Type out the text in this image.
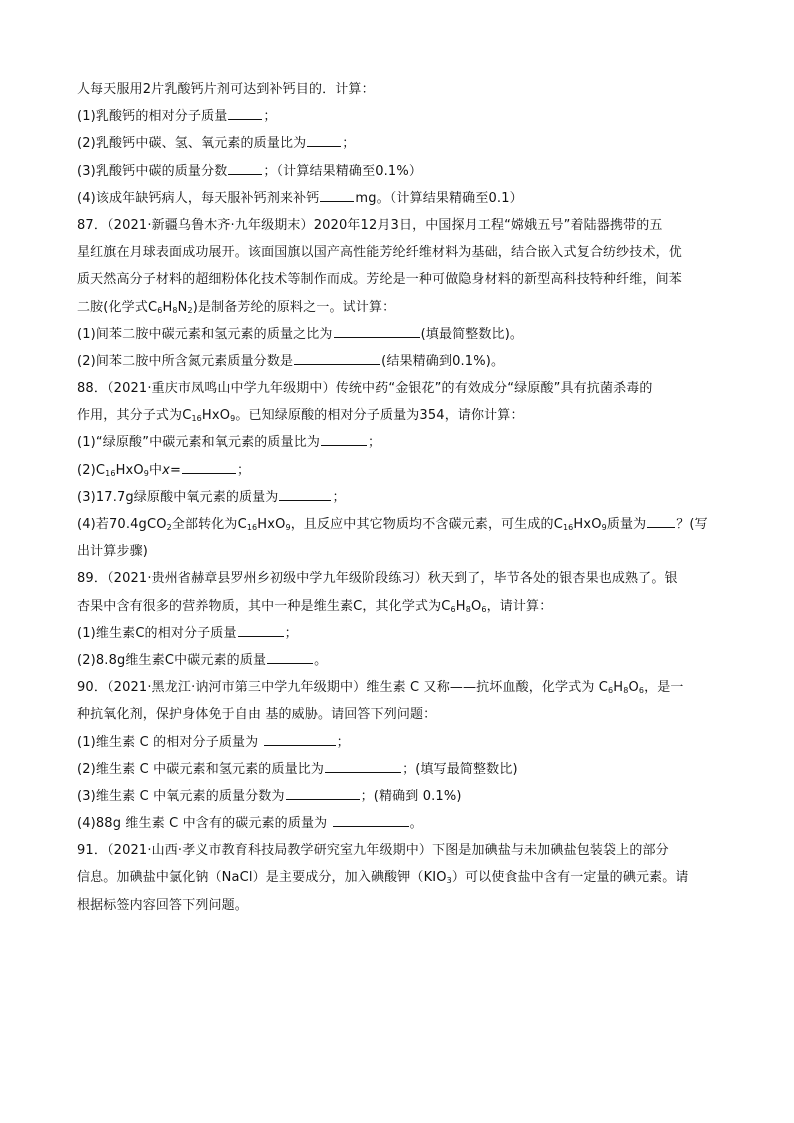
人每天服用2片乳酸钙片剂可达到补钙目的．计算：
(1)乳酸钙的相对分子质量	；
(2)乳酸钙中碳、氢、氧元素的质量比为	；
(3)乳酸钙中碳的质量分数	；（计算结果精确至0.1%）
(4)该成年缺钙病人，每天服补钙剂来补钙	mg。（计算结果精确至0.1）
87．（2021·新疆乌鲁木齐·九年级期末）2020年12月3日，中国探月工程“嫦娥五号”着陆器携带的五
星红旗在月球表面成功展开。该面国旗以国产高性能芳纶纤维材料为基础，结合嵌入式复合纺纱技术，优
质天然高分子材料的超细粉体化技术等制作而成。芳纶是一种可做隐身材料的新型高科技特种纤维，间苯
二胺(化学式$C_6H_8N_2$)是制备芳纶的原料之一。试计算：
(1)间苯二胺中碳元素和氢元素的质量之比为	(填最简整数比)。
(2)间苯二胺中所含氮元素质量分数是	(结果精确到0.1%)。
88．（2021·重庆市凤鸣山中学九年级期中）传统中药“金银花”的有效成分“绿原酸”具有抗菌杀毒的
作用，其分子式为$C_{16}HxO_9$。已知绿原酸的相对分子质量为354，请你计算：
(1)“绿原酸”中碳元素和氧元素的质量比为	；
$(2)C_{16}HxO_9$中x=	；
(3)17.7g绿原酸中氧元素的质量为	；
(4)若70.4gCO$_2$全部转化为$C_{16}HxO_9$，且反应中其它物质均不含碳元素，可生成的$C_{16}HxO_9$质量为 ？(写
出计算步骤)
89．（2021·贵州省赫章县罗州乡初级中学九年级阶段练习）秋天到了，毕节各处的银杏果也成熟了。银
杏果中含有很多的营养物质，其中一种是维生素C，其化学式为$C_6H_8O_6$，请计算：
(1)维生素C的相对分子质量	；
(2)8.8g维生素C中碳元素的质量	。
90．（2021·黑龙江·讷河市第三中学九年级期中）维生素 C 又称——抗坏血酸，化学式为 $C_6H_8O_6$，是一
种抗氧化剂，保护身体免于自由 基的威胁。请回答下列问题：
(1)维生素 C 的相对分子质量为	；
(2)维生素 C 中碳元素和氢元素的质量比为	；(填写最简整数比)
(3)维生素 C 中氧元素的质量分数为	；(精确到 0.1%)
(4)88g 维生素 C 中含有的碳元素的质量为	。
91．（2021·山西·孝义市教育科技局教学研究室九年级期中）下图是加碘盐与未加碘盐包装袋上的部分
信息。加碘盐中氯化钠（NaCl）是主要成分，加入碘酸钾$(KIO_3)$可以使食盐中含有一定量的碘元素。请
根据标签内容回答下列问题。
